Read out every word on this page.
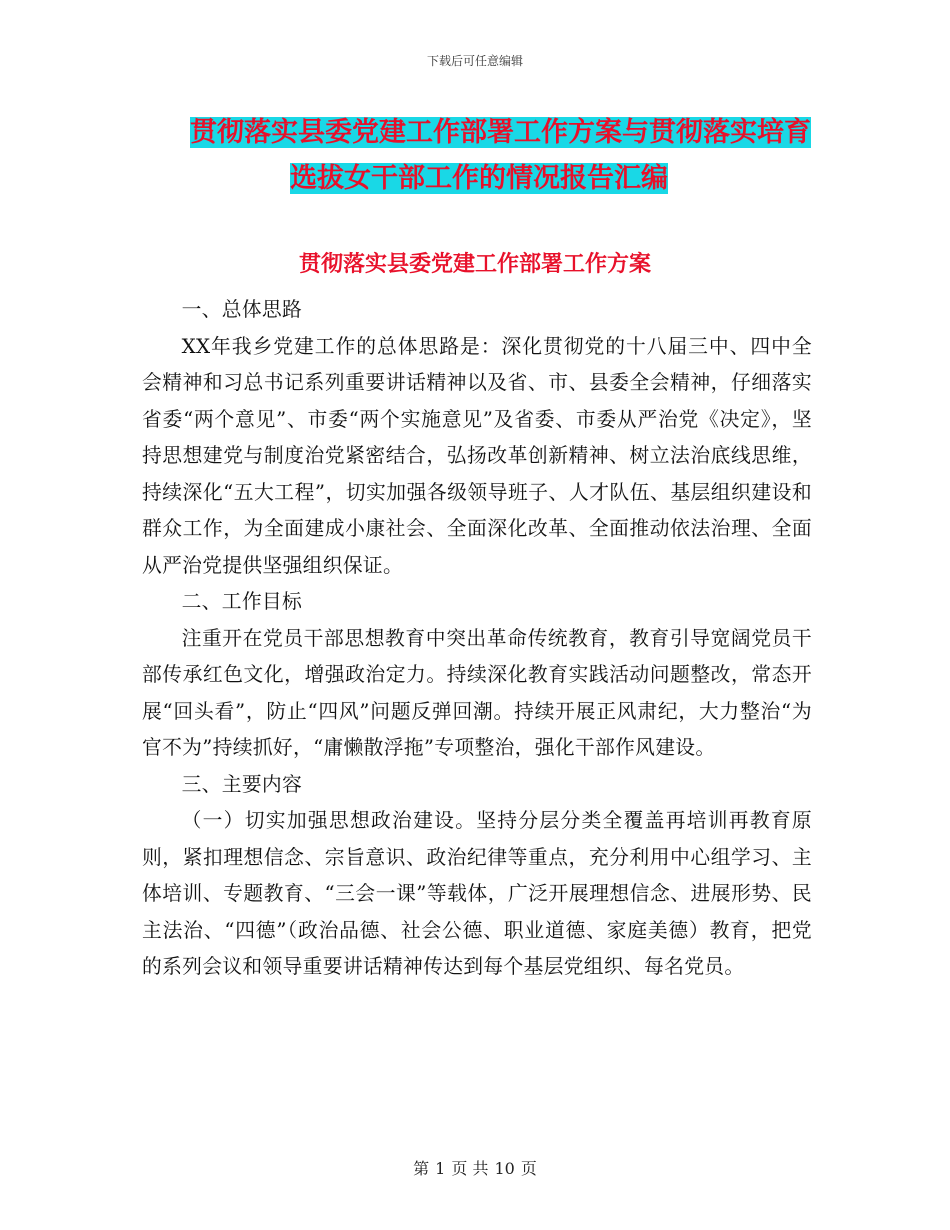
下载后可任意编辑
贯彻落实县委党建工作部署工作方案与贯彻落实培育
选拔女干部工作的情况报告汇编
贯彻落实县委党建工作部署工作方案

一、总体思路

XX年我乡党建工作的总体思路是：深化贯彻党的十八届三中、四中全会精神和习总书记系列重要讲话精神以及省、市、县委全会精神，仔细落实省委“两个意见”、市委“两个实施意见”及省委、市委从严治党《决定》，坚持思想建党与制度治党紧密结合，弘扬改革创新精神、树立法治底线思维，持续深化“五大工程”，切实加强各级领导班子、人才队伍、基层组织建设和群众工作，为全面建成小康社会、全面深化改革、全面推动依法治理、全面从严治党提供坚强组织保证。

二、工作目标

注重开在党员干部思想教育中突出革命传统教育，教育引导宽阔党员干部传承红色文化，增强政治定力。持续深化教育实践活动问题整改，常态开展“回头看”，防止“四风”问题反弹回潮。持续开展正风肃纪，大力整治“为官不为”持续抓好，“庸懒散浮拖”专项整治，强化干部作风建设。

三、主要内容

（一）切实加强思想政治建设。坚持分层分类全覆盖再培训再教育原则，紧扣理想信念、宗旨意识、政治纪律等重点，充分利用中心组学习、主体培训、专题教育、“三会一课”等载体，广泛开展理想信念、进展形势、民主法治、“四德”（政治品德、社会公德、职业道德、家庭美德）教育，把党的系列会议和领导重要讲话精神传达到每个基层党组织、每名党员。

第 1 页 共 10 页
